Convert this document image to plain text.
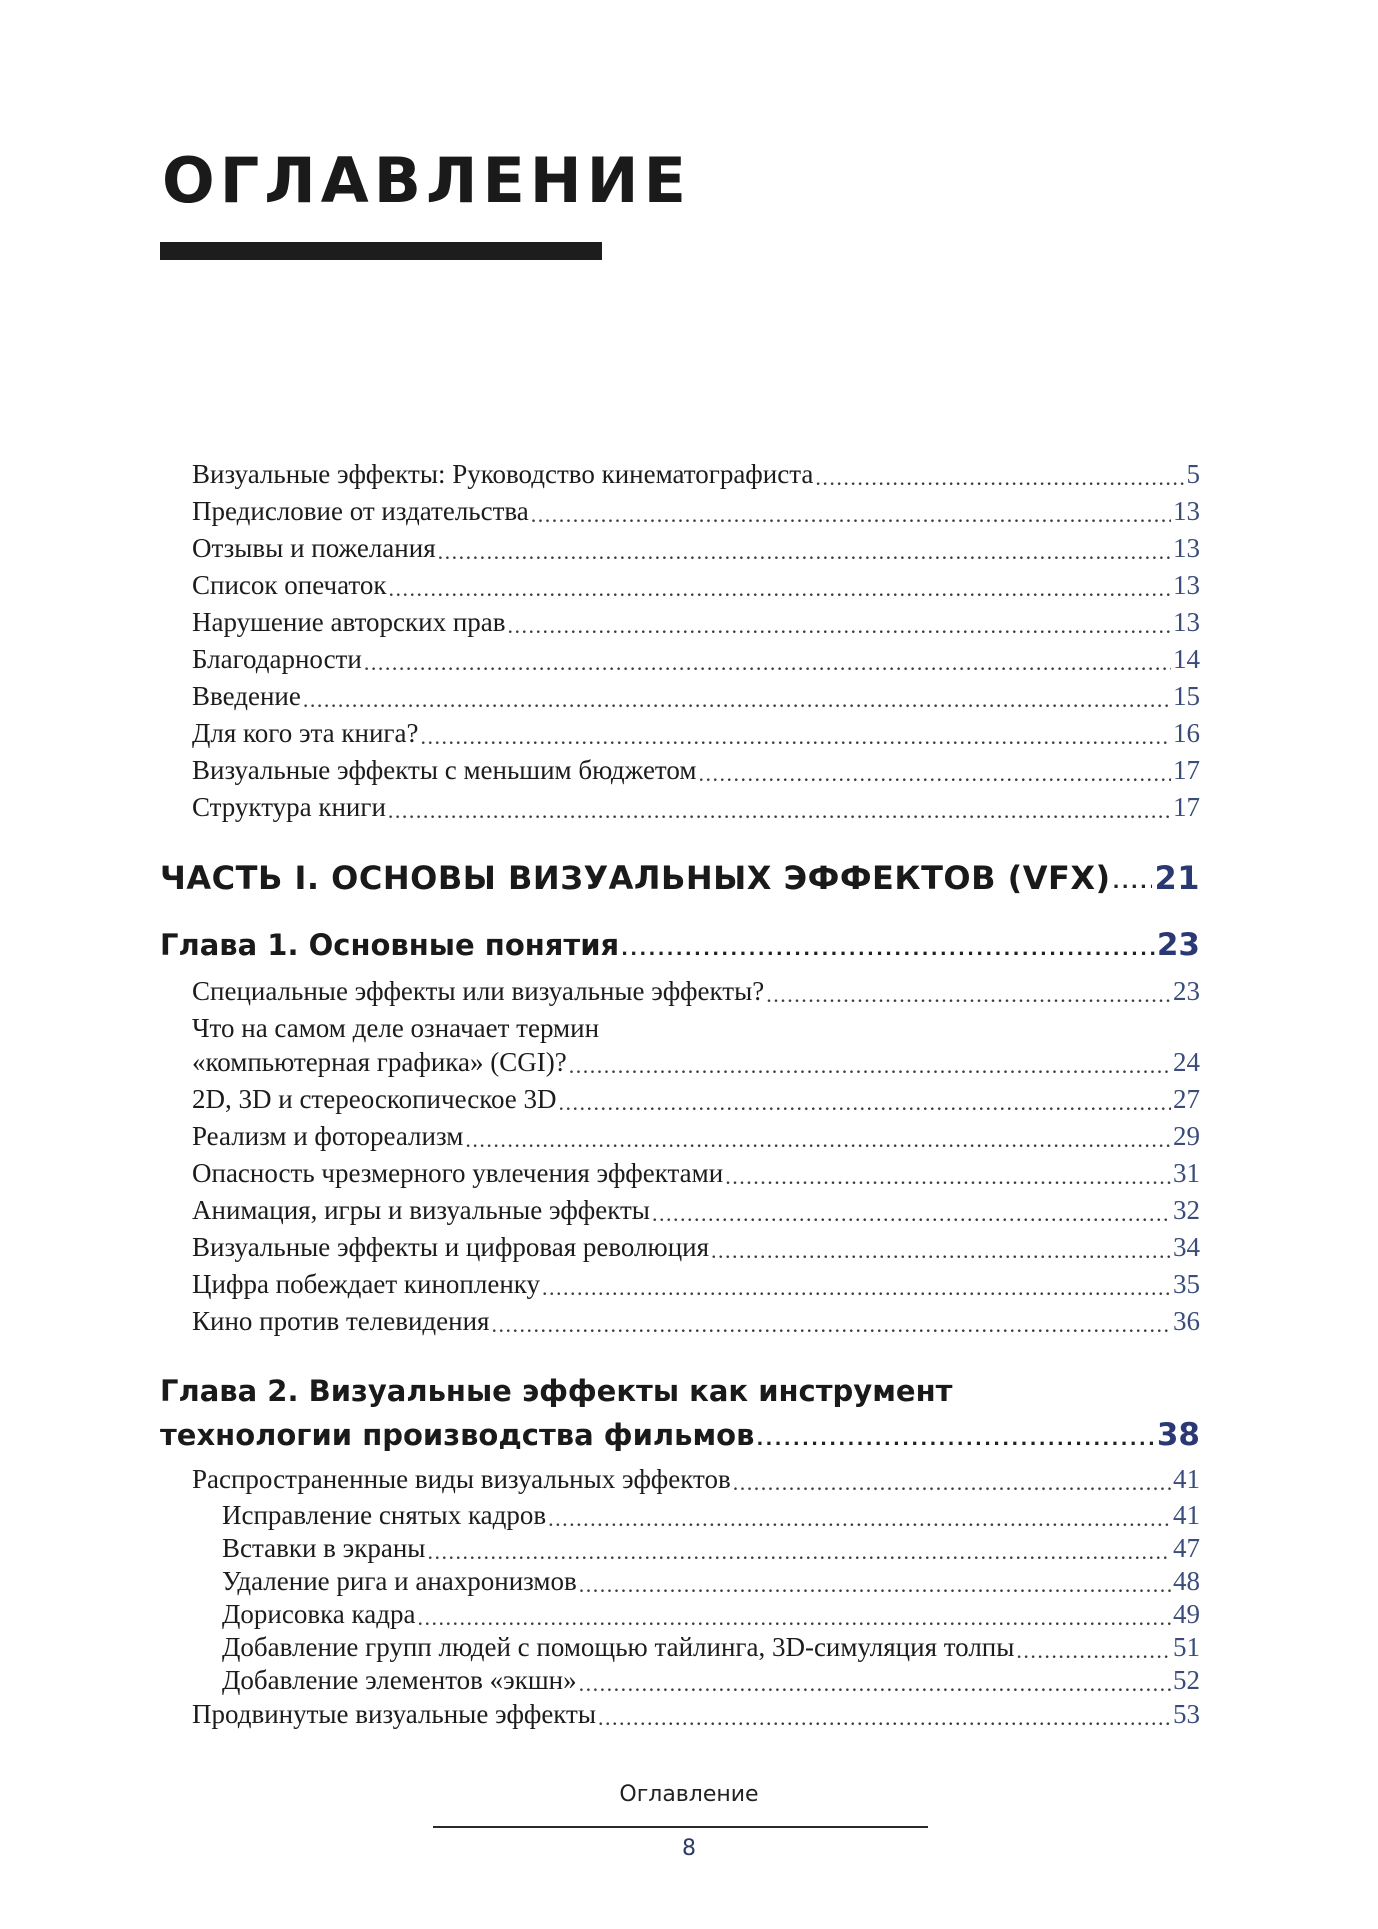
ОГЛАВЛЕНИЕ
Визуальные эффекты: Руководство кинематографиста . . .	5
Предисловие от издательства . . .	13
Отзывы и пожелания . . .	13
Список опечаток . . .	13
Нарушение авторских прав . . .	13
Благодарности . . .	14
Введение . . .	15
Для кого эта книга? . . .	16
Визуальные эффекты с меньшим бюджетом . . .	17
Структура книги . . .	17
ЧАСТЬ I. ОСНОВЫ ВИЗУАЛЬНЫХ ЭФФЕКТОВ (VFX) . . . 21
Глава 1. Основные понятия . . .	23
Специальные эффекты или визуальные эффекты? . . .	23
Что на самом деле означает термин
«компьютерная графика» (CGI)? . . .	24
2D, 3D и стереоскопическое 3D . . .	27
Реализм и фотореализм . . .	29
Опасность чрезмерного увлечения эффектами . . .	31
Анимация, игры и визуальные эффекты . . .	32
Визуальные эффекты и цифровая революция . . .	34
Цифра побеждает кинопленку . . .	35
Кино против телевидения . . .	36
Глава 2. Визуальные эффекты как инструмент
технологии производства фильмов . . .	38
Распространенные виды визуальных эффектов . . .	41
Исправление снятых кадров . . .	41
Вставки в экраны . . .	47
Удаление рига и анахронизмов . . .	48
Дорисовка кадра . . .	49
Добавление групп людей с помощью тайлинга, 3D-симуляция толпы . . .	51
Добавление элементов «экшн» . . .	52
Продвинутые визуальные эффекты . . .	53
Оглавление
8
